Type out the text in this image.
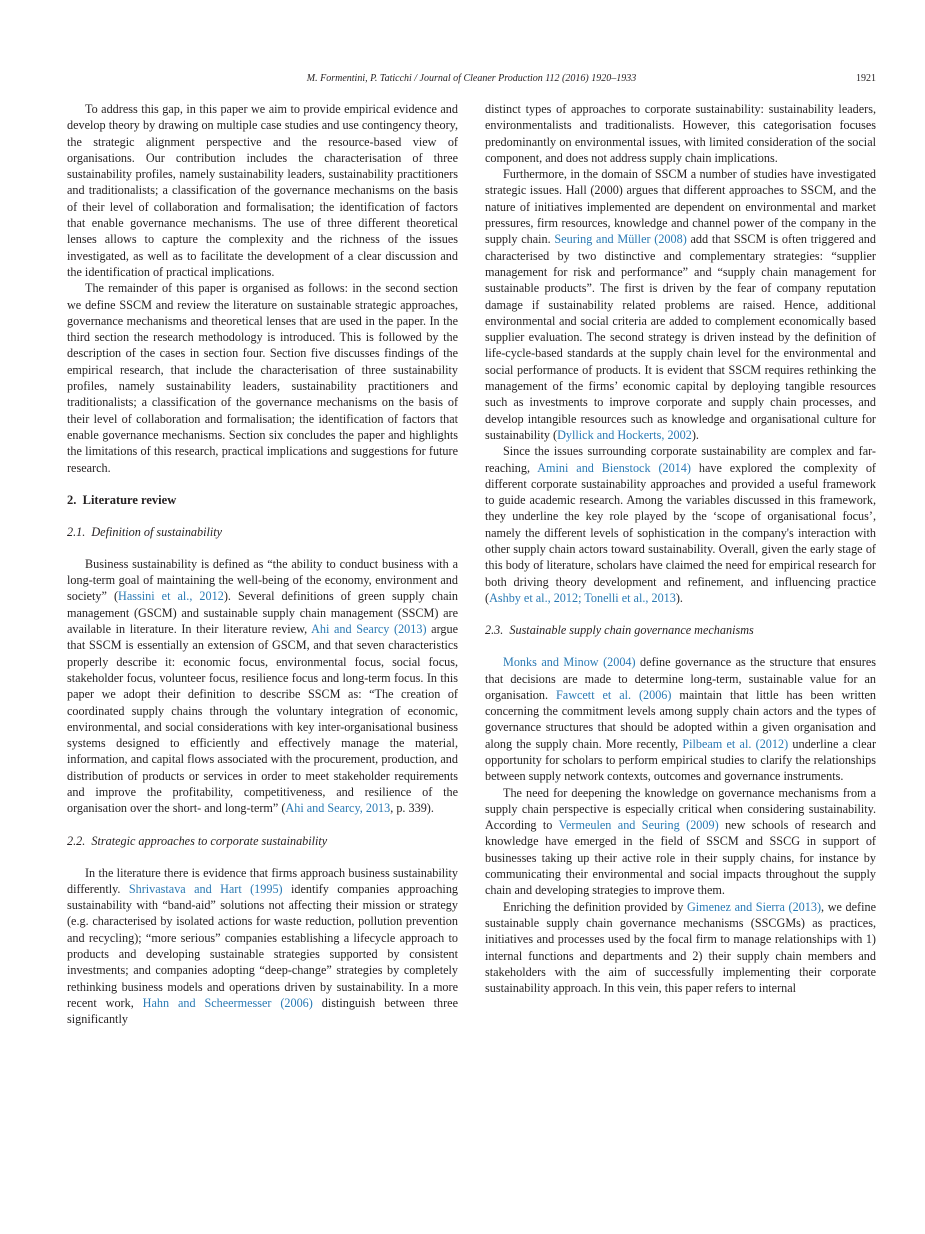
M. Formentini, P. Taticchi / Journal of Cleaner Production 112 (2016) 1920–1933	1921

To address this gap, in this paper we aim to provide empirical evidence and develop theory by drawing on multiple case studies and use contingency theory, the strategic alignment perspective and the resource-based view of organisations. Our contribution includes the characterisation of three sustainability profiles, namely sustainability leaders, sustainability practitioners and traditionalists; a classification of the governance mechanisms on the basis of their level of collaboration and formalisation; the identification of factors that enable governance mechanisms. The use of three different theoretical lenses allows to capture the complexity and the richness of the issues investigated, as well as to facilitate the development of a clear discussion and the identification of practical implications.

The remainder of this paper is organised as follows: in the second section we define SSCM and review the literature on sustainable strategic approaches, governance mechanisms and theoretical lenses that are used in the paper. In the third section the research methodology is introduced. This is followed by the description of the cases in section four. Section five discusses findings of the empirical research, that include the characterisation of three sustainability profiles, namely sustainability leaders, sustainability practitioners and traditionalists; a classification of the governance mechanisms on the basis of their level of collaboration and formalisation; the identification of factors that enable governance mechanisms. Section six concludes the paper and highlights the limitations of this research, practical implications and suggestions for future research.

2. Literature review
2.1. Definition of sustainability

Business sustainability is defined as “the ability to conduct business with a long-term goal of maintaining the well-being of the economy, environment and society” (Hassini et al., 2012). Several definitions of green supply chain management (GSCM) and sustainable supply chain management (SSCM) are available in literature. In their literature review, Ahi and Searcy (2013) argue that SSCM is essentially an extension of GSCM, and that seven characteristics properly describe it: economic focus, environmental focus, social focus, stakeholder focus, volunteer focus, resilience focus and long-term focus. In this paper we adopt their definition to describe SSCM as: “The creation of coordinated supply chains through the voluntary integration of economic, environmental, and social considerations with key inter-organisational business systems designed to efficiently and effectively manage the material, information, and capital flows associated with the procurement, production, and distribution of products or services in order to meet stakeholder requirements and improve the profitability, competitiveness, and resilience of the organisation over the short- and long-term” (Ahi and Searcy, 2013, p. 339).

2.2. Strategic approaches to corporate sustainability

In the literature there is evidence that firms approach business sustainability differently. Shrivastava and Hart (1995) identify companies approaching sustainability with “band-aid” solutions not affecting their mission or strategy (e.g. characterised by isolated actions for waste reduction, pollution prevention and recycling); “more serious” companies establishing a lifecycle approach to products and developing sustainable strategies supported by consistent investments; and companies adopting “deep-change” strategies by completely rethinking business models and operations driven by sustainability. In a more recent work, Hahn and Scheermesser (2006) distinguish between three significantly

distinct types of approaches to corporate sustainability: sustainability leaders, environmentalists and traditionalists. However, this categorisation focuses predominantly on environmental issues, with limited consideration of the social component, and does not address supply chain implications.

Furthermore, in the domain of SSCM a number of studies have investigated strategic issues. Hall (2000) argues that different approaches to SSCM, and the nature of initiatives implemented are dependent on environmental and market pressures, firm resources, knowledge and channel power of the company in the supply chain. Seuring and Müller (2008) add that SSCM is often triggered and characterised by two distinctive and complementary strategies: “supplier management for risk and performance” and “supply chain management for sustainable products”. The first is driven by the fear of company reputation damage if sustainability related problems are raised. Hence, additional environmental and social criteria are added to complement economically based supplier evaluation. The second strategy is driven instead by the definition of life-cycle-based standards at the supply chain level for the environmental and social performance of products. It is evident that SSCM requires rethinking the management of the firms’ economic capital by deploying tangible resources such as investments to improve corporate and supply chain processes, and develop intangible resources such as knowledge and organisational culture for sustainability (Dyllick and Hockerts, 2002).

Since the issues surrounding corporate sustainability are complex and far-reaching, Amini and Bienstock (2014) have explored the complexity of different corporate sustainability approaches and provided a useful framework to guide academic research. Among the variables discussed in this framework, they underline the key role played by the ‘scope of organisational focus’, namely the different levels of sophistication in the company's interaction with other supply chain actors toward sustainability. Overall, given the early stage of this body of literature, scholars have claimed the need for empirical research for both driving theory development and refinement, and influencing practice (Ashby et al., 2012; Tonelli et al., 2013).

2.3. Sustainable supply chain governance mechanisms

Monks and Minow (2004) define governance as the structure that ensures that decisions are made to determine long-term, sustainable value for an organisation. Fawcett et al. (2006) maintain that little has been written concerning the commitment levels among supply chain actors and the types of governance structures that should be adopted within a given organisation and along the supply chain. More recently, Pilbeam et al. (2012) underline a clear opportunity for scholars to perform empirical studies to clarify the relationships between supply network contexts, outcomes and governance instruments.

The need for deepening the knowledge on governance mechanisms from a supply chain perspective is especially critical when considering sustainability. According to Vermeulen and Seuring (2009) new schools of research and knowledge have emerged in the field of SSCM and SSCG in support of businesses taking up their active role in their supply chains, for instance by communicating their environmental and social impacts throughout the supply chain and developing strategies to improve them.

Enriching the definition provided by Gimenez and Sierra (2013), we define sustainable supply chain governance mechanisms (SSCGMs) as practices, initiatives and processes used by the focal firm to manage relationships with 1) internal functions and departments and 2) their supply chain members and stakeholders with the aim of successfully implementing their corporate sustainability approach. In this vein, this paper refers to internal
